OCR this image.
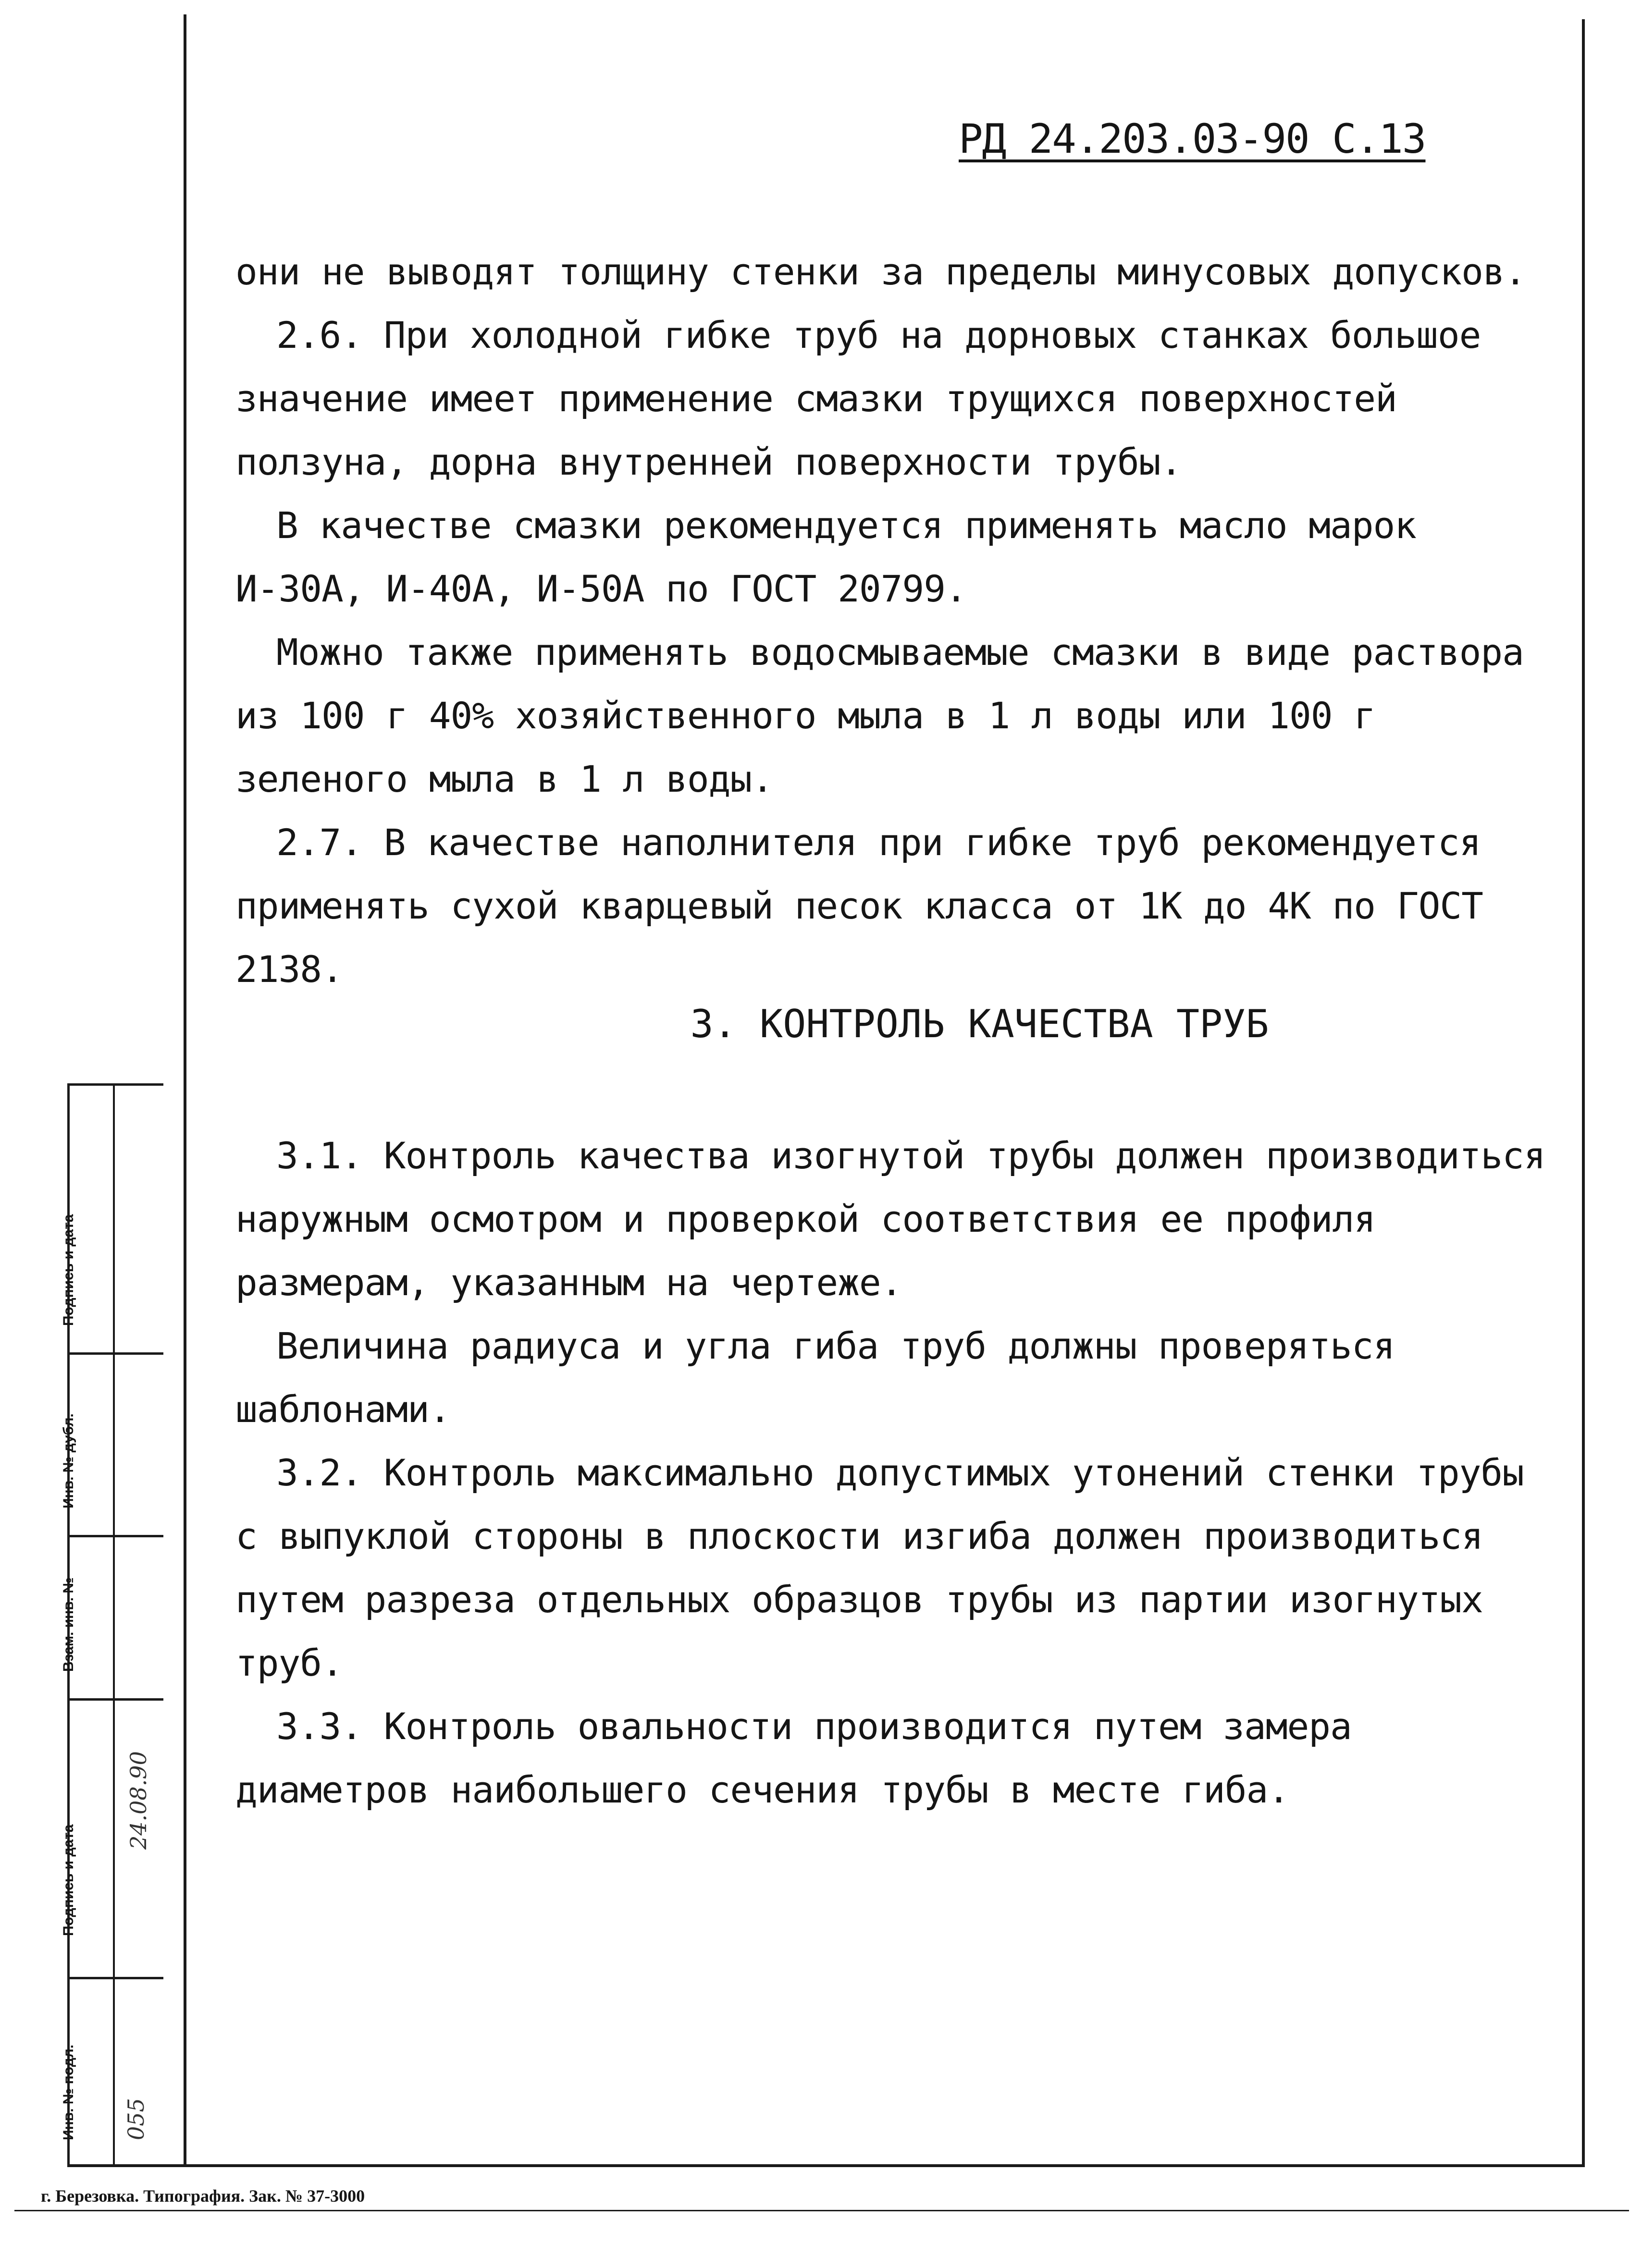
РД 24.203.03-90 С.13

они не выводят толщину стенки за пределы минусовых допусков.

2.6. При холодной гибке труб на дорновых станках большое значение имеет применение смазки трущихся поверхностей ползуна, дорна внутренней поверхности трубы.

В качестве смазки рекомендуется применять масло марок И-30А, И-40А, И-50А по ГОСТ 20799.

Можно также применять водосмываемые смазки в виде раствора из 100 г 40% хозяйственного мыла в 1 л воды или 100 г зеленого мыла в 1 л воды.

2.7. В качестве наполнителя при гибке труб рекомендуется применять сухой кварцевый песок класса от 1К до 4К по ГОСТ 2138.

3. КОНТРОЛЬ КАЧЕСТВА ТРУБ

3.1. Контроль качества изогнутой трубы должен производиться наружным осмотром и проверкой соответствия ее профиля размерам, указанным на чертеже.

Величина радиуса и угла гиба труб должны проверяться шаблонами.

3.2. Контроль максимально допустимых утонений стенки трубы с выпуклой стороны в плоскости изгиба должен производиться путем разреза отдельных образцов трубы из партии изогнутых труб.

3.3. Контроль овальности производится путем замера диаметров наибольшего сечения трубы в месте гиба.

Подпись и дата
Инв. № дубл.
Взам. инв. №
Подпись и дата
24.08.90
Инв. № подл. 055
г. Березовка. Типография. Зак. № 37-3000
